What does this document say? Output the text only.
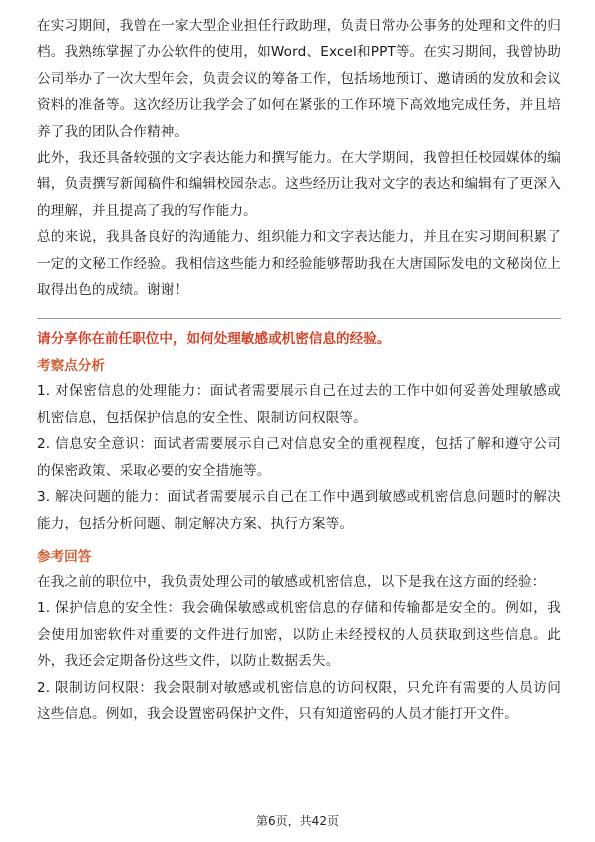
在实习期间，我曾在一家大型企业担任行政助理，负责日常办公事务的处理和文件的归档。我熟练掌握了办公软件的使用，如Word、Excel和PPT等。在实习期间，我曾协助公司举办了一次大型年会，负责会议的筹备工作，包括场地预订、邀请函的发放和会议资料的准备等。这次经历让我学会了如何在紧张的工作环境下高效地完成任务，并且培养了我的团队合作精神。

此外，我还具备较强的文字表达能力和撰写能力。在大学期间，我曾担任校园媒体的编辑，负责撰写新闻稿件和编辑校园杂志。这些经历让我对文字的表达和编辑有了更深入的理解，并且提高了我的写作能力。

总的来说，我具备良好的沟通能力、组织能力和文字表达能力，并且在实习期间积累了一定的文秘工作经验。我相信这些能力和经验能够帮助我在大唐国际发电的文秘岗位上取得出色的成绩。谢谢！

请分享你在前任职位中，如何处理敏感或机密信息的经验。

考察点分析

1. 对保密信息的处理能力：面试者需要展示自己在过去的工作中如何妥善处理敏感或机密信息，包括保护信息的安全性、限制访问权限等。

2. 信息安全意识：面试者需要展示自己对信息安全的重视程度，包括了解和遵守公司的保密政策、采取必要的安全措施等。

3. 解决问题的能力：面试者需要展示自己在工作中遇到敏感或机密信息问题时的解决能力，包括分析问题、制定解决方案、执行方案等。

参考回答

在我之前的职位中，我负责处理公司的敏感或机密信息，以下是我在这方面的经验：

1. 保护信息的安全性：我会确保敏感或机密信息的存储和传输都是安全的。例如，我会使用加密软件对重要的文件进行加密，以防止未经授权的人员获取到这些信息。此外，我还会定期备份这些文件，以防止数据丢失。

2. 限制访问权限：我会限制对敏感或机密信息的访问权限，只允许有需要的人员访问这些信息。例如，我会设置密码保护文件，只有知道密码的人员才能打开文件。

第6页，共42页
